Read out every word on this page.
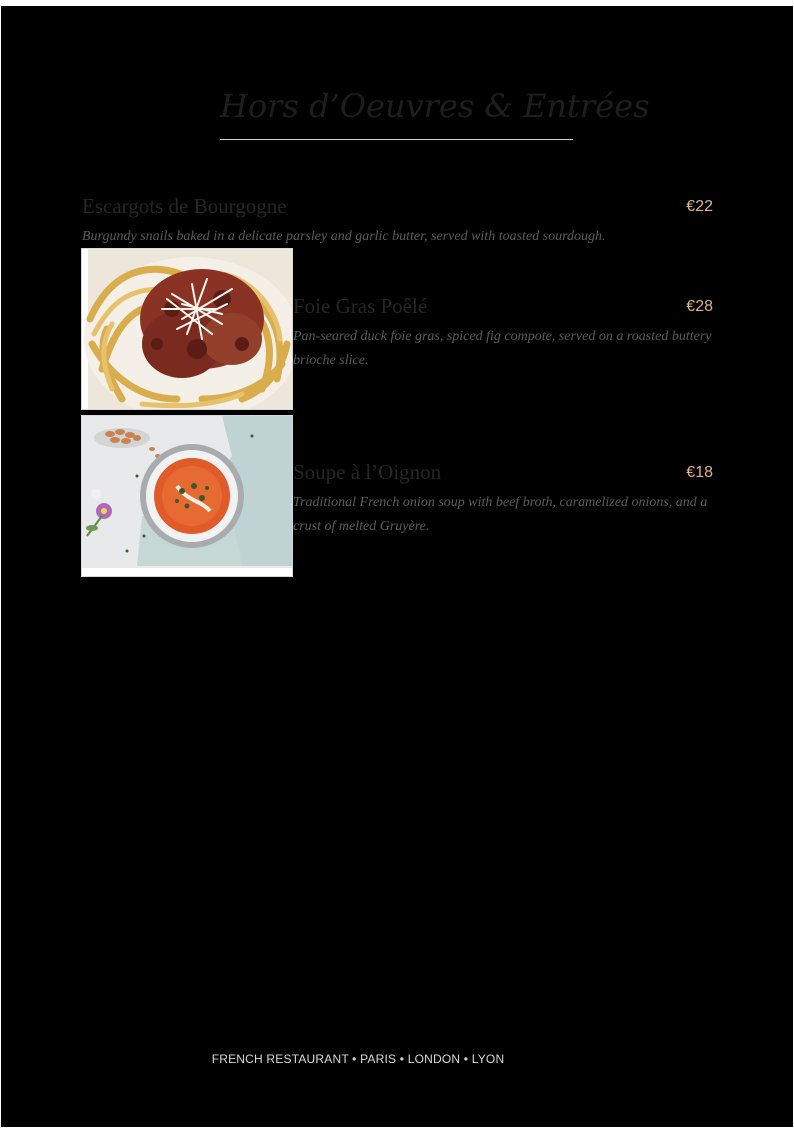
Hors d’Oeuvres & Entrées
Escargots de Bourgogne	€22
Burgundy snails baked in a delicate parsley and garlic butter, served with toasted sourdough.
Foie Gras Poêlé	€28
Pan-seared duck foie gras, spiced fig compote, served on a roasted buttery brioche slice.
Soupe à l’Oignon	€18
Traditional French onion soup with beef broth, caramelized onions, and a crust of melted Gruyère.
FRENCH RESTAURANT • PARIS • LONDON • LYON
